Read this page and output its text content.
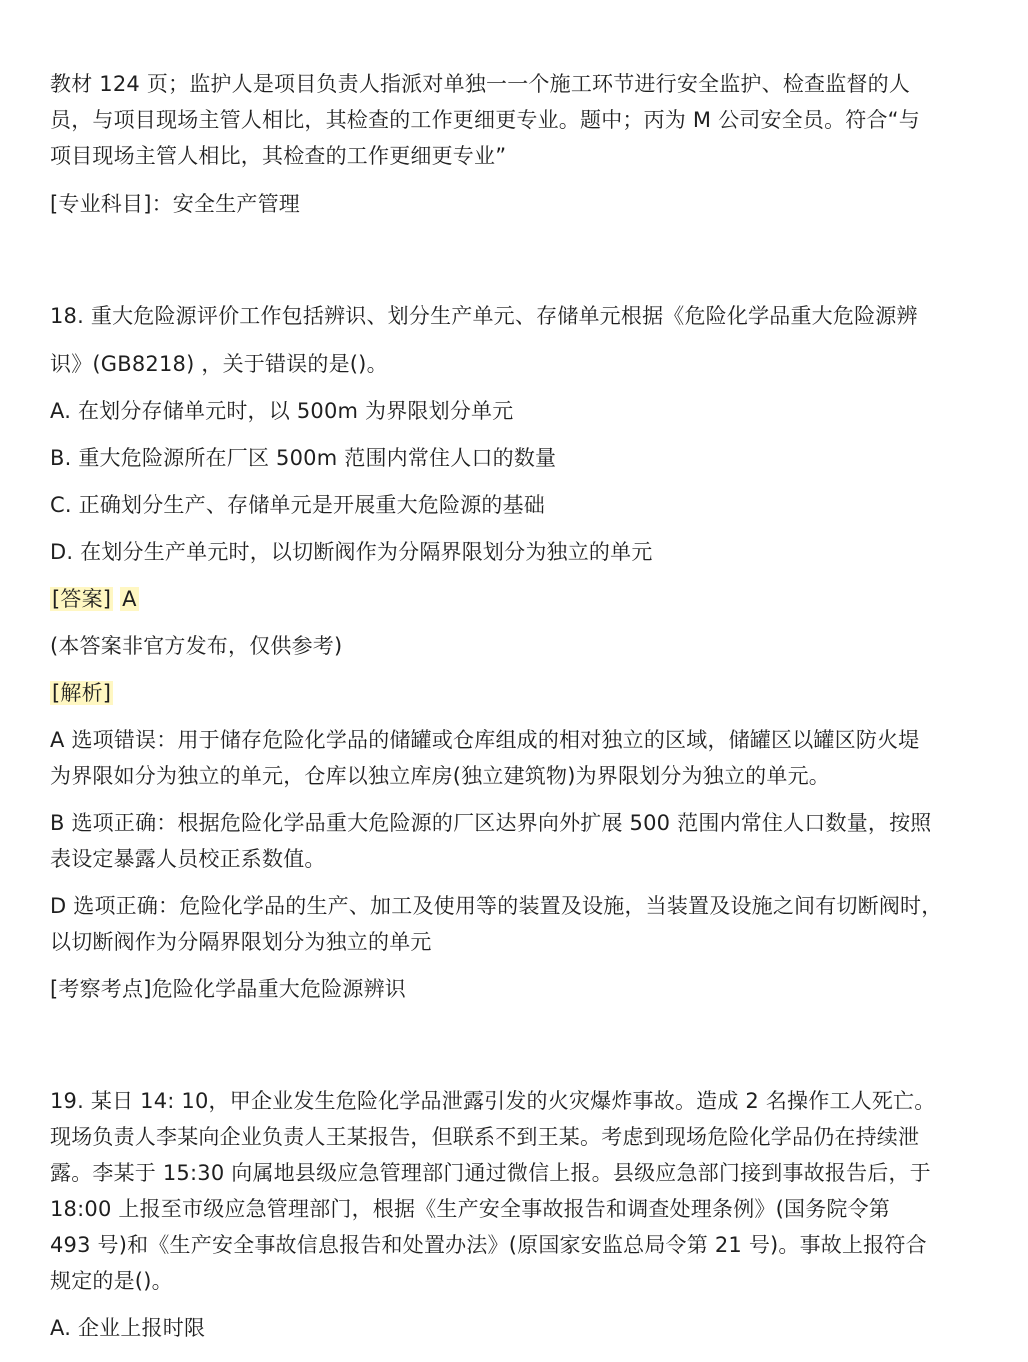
教材 124 页；监护人是项目负责人指派对单独一一个施工环节进行安全监护、检查监督的人
员，与项目现场主管人相比，其检查的工作更细更专业。题中；丙为 M 公司安全员。符合“与
项目现场主管人相比，其检查的工作更细更专业”
[专业科目]：安全生产管理
18. 重大危险源评价工作包括辨识、划分生产单元、存储单元根据《危险化学品重大危险源辨
识》(GB8218) ，关于错误的是()。
A. 在划分存储单元时，以 500m 为界限划分单元
B. 重大危险源所在厂区 500m 范围内常住人口的数量
C. 正确划分生产、存储单元是开展重大危险源的基础
D. 在划分生产单元时，以切断阀作为分隔界限划分为独立的单元
[答案] A
(本答案非官方发布，仅供参考)
[解析]
A 选项错误：用于储存危险化学品的储罐或仓库组成的相对独立的区域，储罐区以罐区防火堤
为界限如分为独立的单元，仓库以独立库房(独立建筑物)为界限划分为独立的单元。
B 选项正确：根据危险化学品重大危险源的厂区达界向外扩展 500 范围内常住人口数量，按照
表设定暴露人员校正系数值。
D 选项正确：危险化学品的生产、加工及使用等的装置及设施，当装置及设施之间有切断阀时，
以切断阀作为分隔界限划分为独立的单元
[考察考点]危险化学晶重大危险源辨识
19. 某日 14: 10，甲企业发生危险化学品泄露引发的火灾爆炸事故。造成 2 名操作工人死亡。
现场负责人李某向企业负责人王某报告，但联系不到王某。考虑到现场危险化学品仍在持续泄
露。李某于 15:30 向属地县级应急管理部门通过微信上报。县级应急部门接到事故报告后，于
18:00 上报至市级应急管理部门，根据《生产安全事故报告和调查处理条例》(国务院令第
493 号)和《生产安全事故信息报告和处置办法》(原国家安监总局令第 21 号)。事故上报符合
规定的是()。
A. 企业上报时限
